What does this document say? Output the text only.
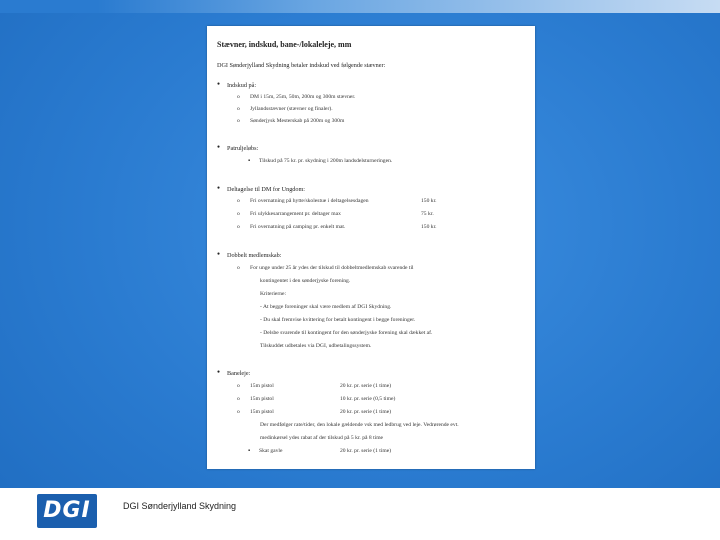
Stævner, indskud, bane-/lokaleleje, mm
DGI Sønderjylland Skydning betaler indskud ved følgende stævner:
● Indskud på:
o DM i 15m, 25m, 50m, 200m og 300m stævner.
o Jyllandsstævner (stævner og finaler).
o Sønderjysk Mesterskab på 200m og 300m
● Patruljeløbs:
▪ Tilskud på 75 kr. pr. skydning i 200m landsdelsturneringen.
● Deltagelse til DM for Ungdom:
o Fri overnatning på hytte/skolestue i deltagelsesdagen	150 kr.
o Fri ulykkesarrangement pr. deltager max	75 kr.
o Fri overnatning på camping pr. enkelt mat.	150 kr.
● Dobbelt medlemskab:
o For unge under 25 år ydes der tilskud til dobbeltmedlemskab svarende til
kontingentet i den sønderjyske forening.
Kriterierne:
- At begge foreninger skal være medlem af DGI Skydning.
- Du skal fremvise kvittering for betalt kontingent i begge foreninger.
- Delsbe svarende til kontingent for den sønderjyske forening skal dækket af.
Tilskuddet udbetales via DGI, udbetalingssystem.
● Baneleje:
o 15m pistol	20 kr. pr. serie (1 time)
o 15m pistol	10 kr. pr. serie (0,5 time)
o 15m pistol	20 kr. pr. serie (1 time)
Der medfølger rate/tider, den lokale gældende vsk med ledbrug ved leje. Vedrørende evt.
medinkørsel ydes rabat af der tilskud på 5 kr. på 8 time
▪ Skat gavle	20 kr. pr. serie (1 time)
DGI	DGI Sønderjylland Skydning
